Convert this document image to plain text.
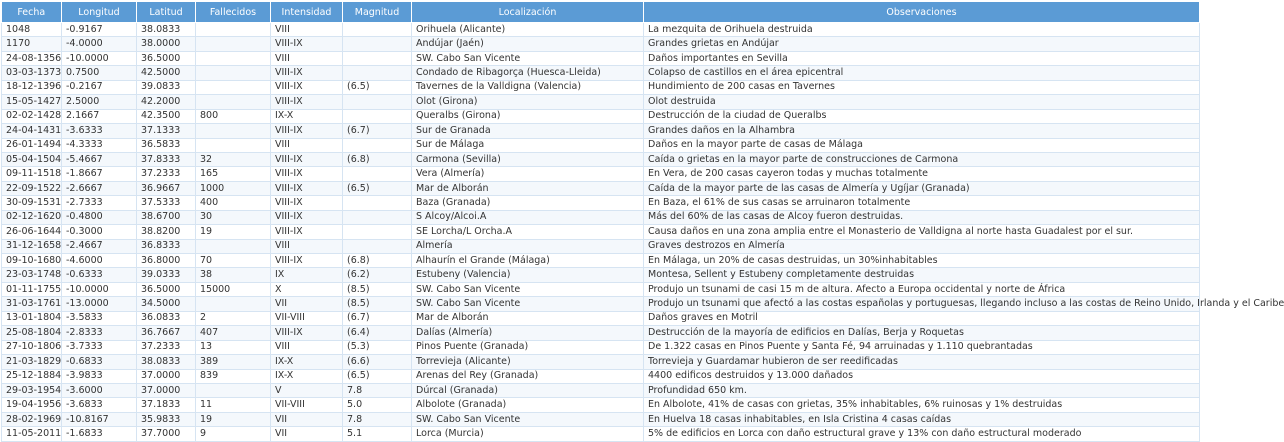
Fecha	Longitud	Latitud	Fallecidos	Intensidad	Magnitud	Localización	Observaciones
1048	-0.9167	38.0833		VIII		Orihuela (Alicante)	La mezquita de Orihuela destruida
1170	-4.0000	38.0000		VIII-IX		Andújar (Jaén)	Grandes grietas en Andújar
24-08-1356	-10.0000	36.5000		VIII		SW. Cabo San Vicente	Daños importantes en Sevilla
03-03-1373	0.7500	42.5000		VIII-IX		Condado de Ribagorça (Huesca-Lleida)	Colapso de castillos en el área epicentral
18-12-1396	-0.2167	39.0833		VIII-IX	(6.5)	Tavernes de la Valldigna (Valencia)	Hundimiento de 200 casas en Tavernes
15-05-1427	2.5000	42.2000		VIII-IX		Olot (Girona)	Olot destruida
02-02-1428	2.1667	42.3500	800	IX-X		Queralbs (Girona)	Destrucción de la ciudad de Queralbs
24-04-1431	-3.6333	37.1333		VIII-IX	(6.7)	Sur de Granada	Grandes daños en la Alhambra
26-01-1494	-4.3333	36.5833		VIII		Sur de Málaga	Daños en la mayor parte de casas de Málaga
05-04-1504	-5.4667	37.8333	32	VIII-IX	(6.8)	Carmona (Sevilla)	Caída o grietas en la mayor parte de construcciones de Carmona
09-11-1518	-1.8667	37.2333	165	VIII-IX		Vera (Almería)	En Vera, de 200 casas cayeron todas y muchas totalmente
22-09-1522	-2.6667	36.9667	1000	VIII-IX	(6.5)	Mar de Alborán	Caída de la mayor parte de las casas de Almería y Ugíjar (Granada)
30-09-1531	-2.7333	37.5333	400	VIII-IX		Baza (Granada)	En Baza, el 61% de sus casas se arruinaron totalmente
02-12-1620	-0.4800	38.6700	30	VIII-IX		S Alcoy/Alcoi.A	Más del 60% de las casas de Alcoy fueron destruidas.
26-06-1644	-0.3000	38.8200	19	VIII-IX		SE Lorcha/L Orcha.A	Causa daños en una zona amplia entre el Monasterio de Valldigna al norte hasta Guadalest por el sur.
31-12-1658	-2.4667	36.8333		VIII		Almería	Graves destrozos en Almería
09-10-1680	-4.6000	36.8000	70	VIII-IX	(6.8)	Alhaurín el Grande (Málaga)	En Málaga, un 20% de casas destruidas, un 30%inhabitables
23-03-1748	-0.6333	39.0333	38	IX	(6.2)	Estubeny (Valencia)	Montesa, Sellent y Estubeny completamente destruidas
01-11-1755	-10.0000	36.5000	15000	X	(8.5)	SW. Cabo San Vicente	Produjo un tsunami de casi 15 m de altura. Afecto a Europa occidental y norte de África
31-03-1761	-13.0000	34.5000		VII	(8.5)	SW. Cabo San Vicente	Produjo un tsunami que afectó a las costas españolas y portuguesas, llegando incluso a las costas de Reino Unido, Irlanda y el Caribe
13-01-1804	-3.5833	36.0833	2	VII-VIII	(6.7)	Mar de Alborán	Daños graves en Motril
25-08-1804	-2.8333	36.7667	407	VIII-IX	(6.4)	Dalías (Almería)	Destrucción de la mayoría de edificios en Dalías, Berja y Roquetas
27-10-1806	-3.7333	37.2333	13	VIII	(5.3)	Pinos Puente (Granada)	De 1.322 casas en Pinos Puente y Santa Fé, 94 arruinadas y 1.110 quebrantadas
21-03-1829	-0.6833	38.0833	389	IX-X	(6.6)	Torrevieja (Alicante)	Torrevieja y Guardamar hubieron de ser reedificadas
25-12-1884	-3.9833	37.0000	839	IX-X	(6.5)	Arenas del Rey (Granada)	4400 edificos destruidos y 13.000 dañados
29-03-1954	-3.6000	37.0000		V	7.8	Dúrcal (Granada)	Profundidad 650 km.
19-04-1956	-3.6833	37.1833	11	VII-VIII	5.0	Albolote (Granada)	En Albolote, 41% de casas con grietas, 35% inhabitables, 6% ruinosas y 1% destruidas
28-02-1969	-10.8167	35.9833	19	VII	7.8	SW. Cabo San Vicente	En Huelva 18 casas inhabitables, en Isla Cristina 4 casas caídas
11-05-2011	-1.6833	37.7000	9	VII	5.1	Lorca (Murcia)	5% de edificios en Lorca con daño estructural grave y 13% con daño estructural moderado
